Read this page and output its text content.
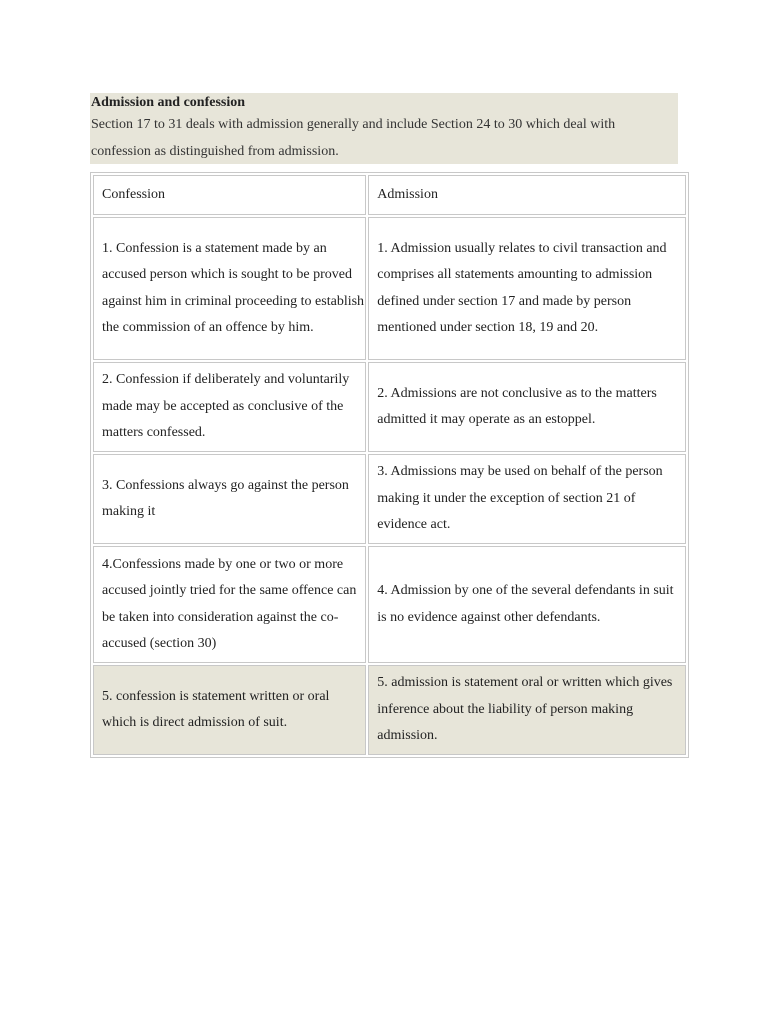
Admission and confession

Section 17 to 31 deals with admission generally and include Section 24 to 30 which deal with confession as distinguished from admission.

Confession	Admission
1. Confession is a statement made by an accused person which is sought to be proved against him in criminal proceeding to establish the commission of an offence by him.	1. Admission usually relates to civil transaction and comprises all statements amounting to admission defined under section 17 and made by person mentioned under section 18, 19 and 20.
2. Confession if deliberately and voluntarily made may be accepted as conclusive of the matters confessed.	2. Admissions are not conclusive as to the matters admitted it may operate as an estoppel.
3. Confessions always go against the person making it	3. Admissions may be used on behalf of the person making it under the exception of section 21 of evidence act.
4.Confessions made by one or two or more accused jointly tried for the same offence can be taken into consideration against the co-accused (section 30)	4. Admission by one of the several defendants in suit is no evidence against other defendants.
5. confession is statement written or oral which is direct admission of suit.	5. admission is statement oral or written which gives inference about the liability of person making admission.
